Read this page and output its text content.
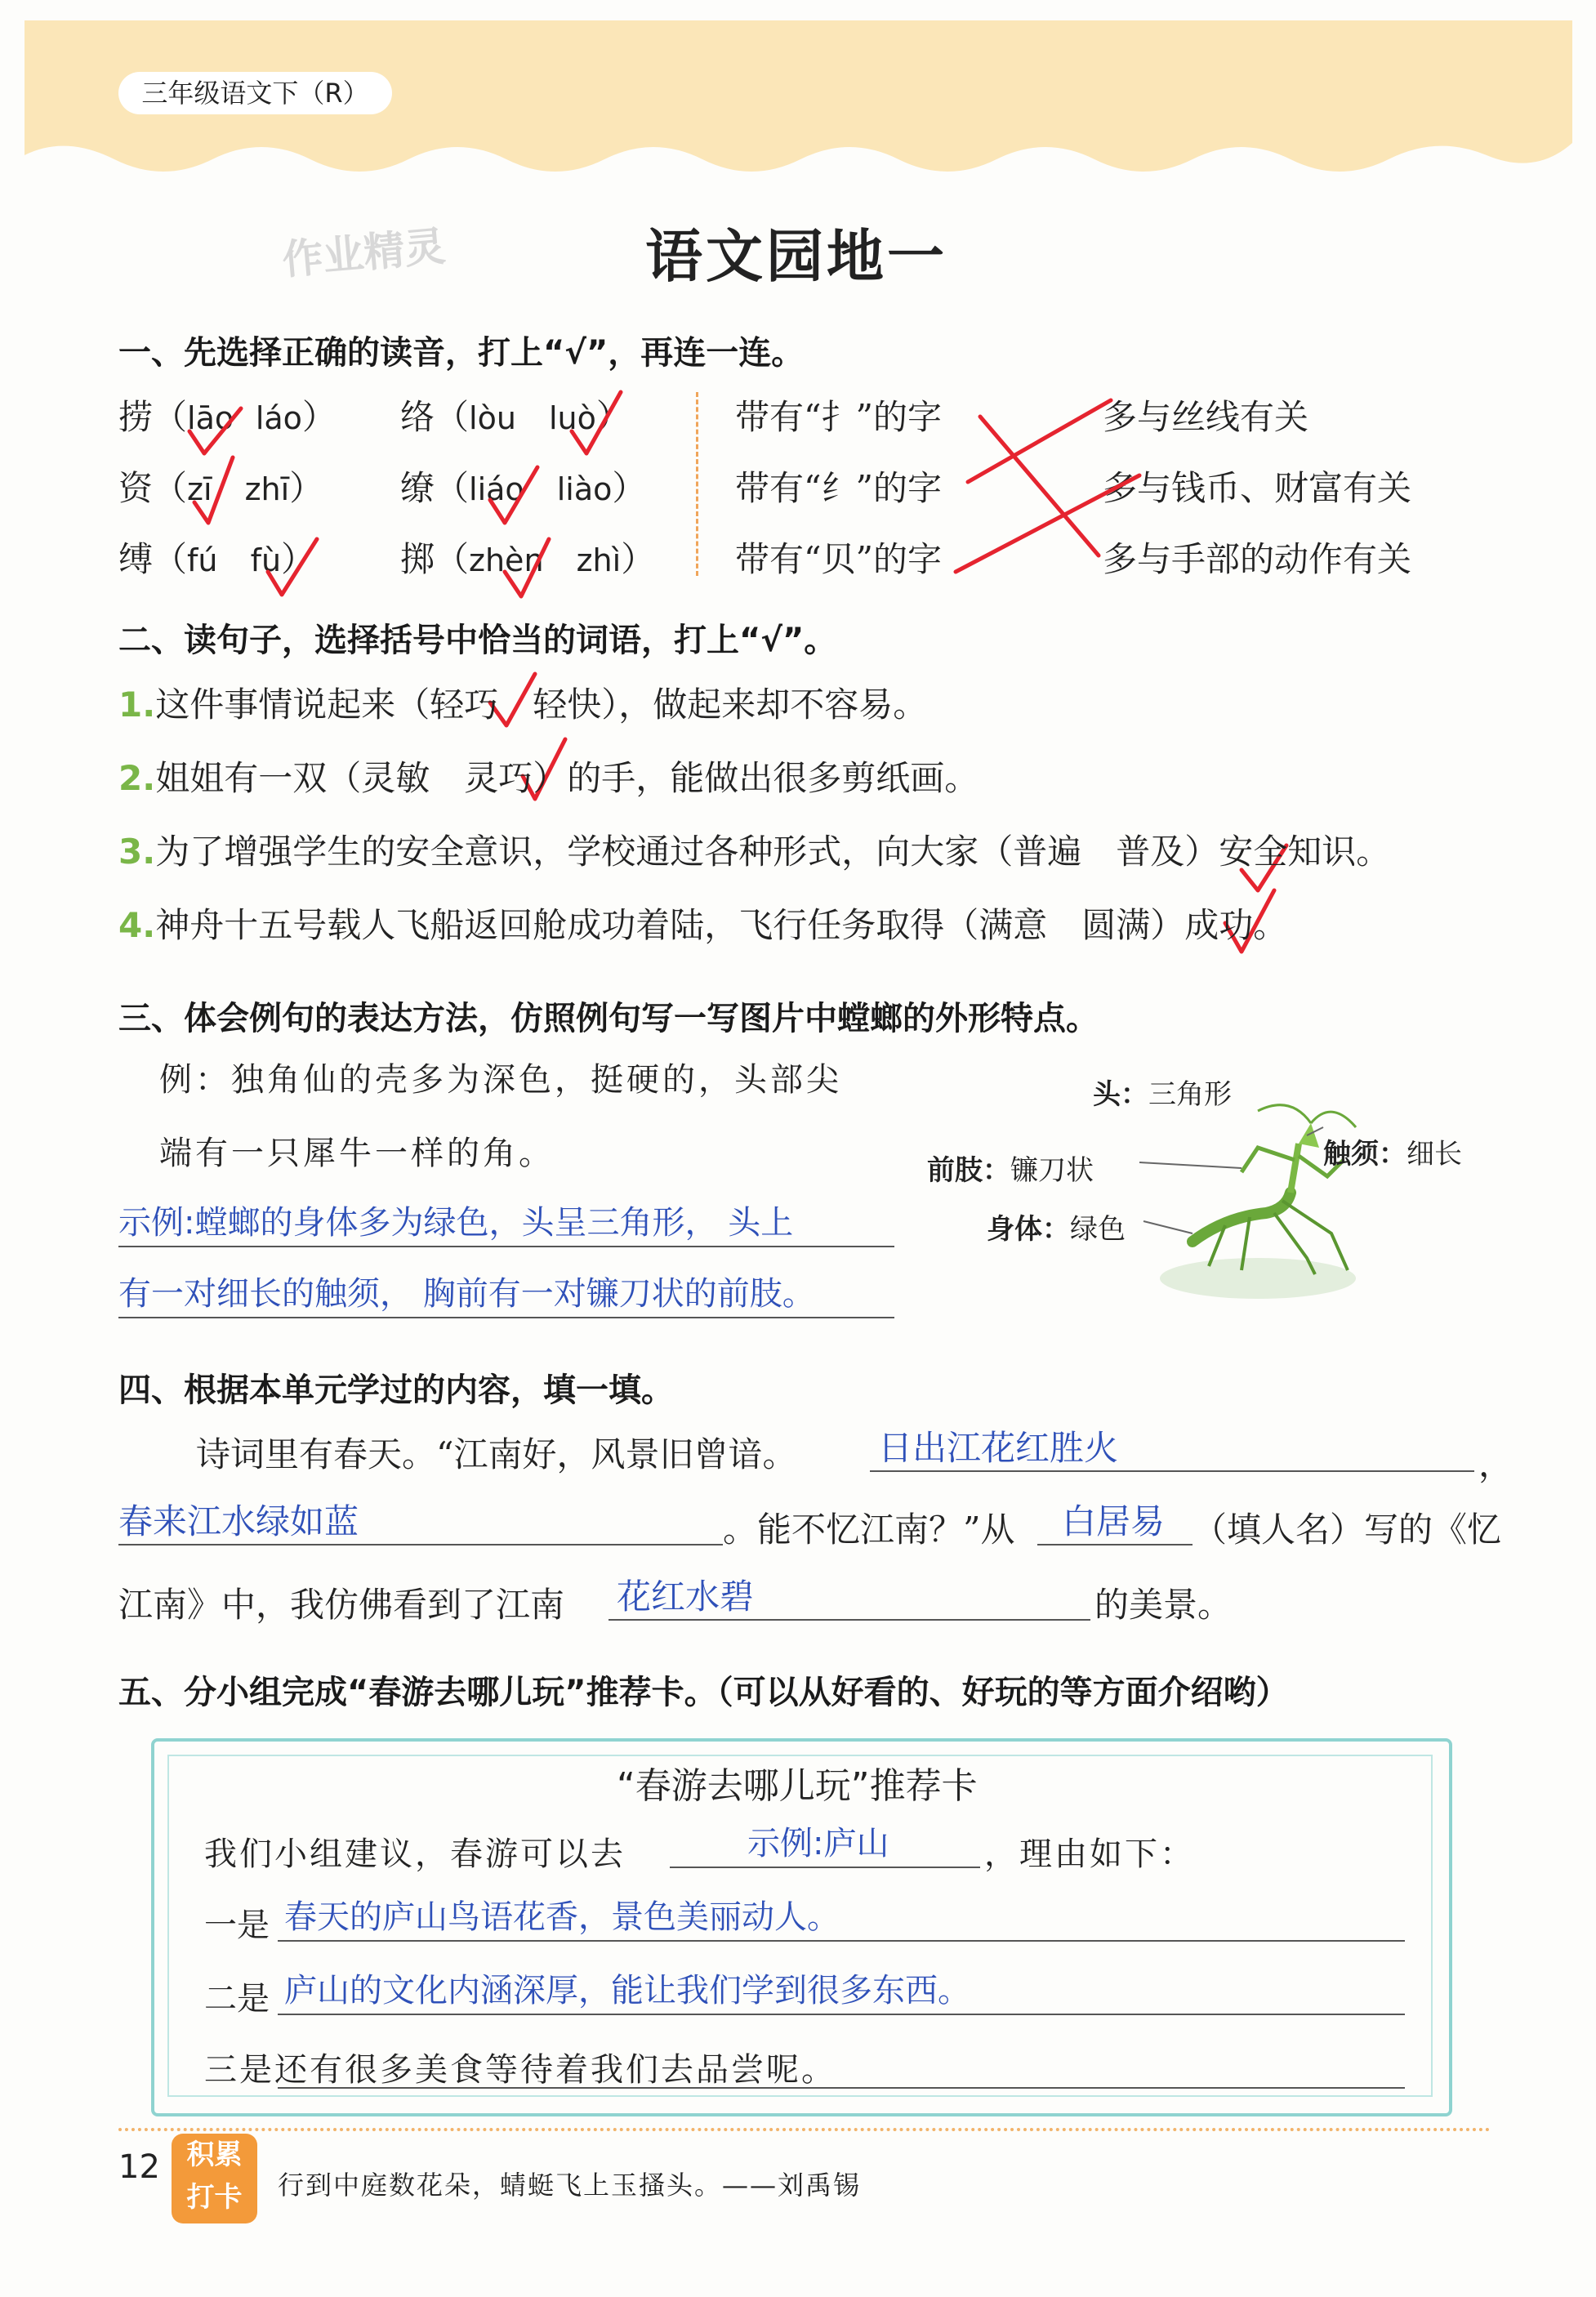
三年级语文下（R）
作业精灵	语文园地一
一、先选择正确的读音，打上“√”，再连一连。
捞（lāo láo） 络（lòu luò）
资（zī zhī） 缭（liáo liào）
缚（fú fù） 掷（zhèn zhì）
带有“扌”的字
带有“纟”的字
带有“贝”的字
多与丝线有关
多与钱币、财富有关
多与手部的动作有关
二、读句子，选择括号中恰当的词语，打上“√”。
1.这件事情说起来（轻巧　轻快），做起来却不容易。
2.姐姐有一双（灵敏　灵巧）的手，能做出很多剪纸画。
3.为了增强学生的安全意识，学校通过各种形式，向大家（普遍　普及）安全知识。
4.神舟十五号载人飞船返回舱成功着陆，飞行任务取得（满意　圆满）成功。
三、体会例句的表达方法，仿照例句写一写图片中螳螂的外形特点。
例：独角仙的壳多为深色，挺硬的，头部尖
端有一只犀牛一样的角。
示例:螳螂的身体多为绿色，头呈三角形， 头上
有一对细长的触须， 胸前有一对镰刀状的前肢。
头：三角形
前肢：镰刀状
身体：绿色
触须：细长
四、根据本单元学过的内容，填一填。
诗词里有春天。“江南好，风景旧曾谙。 日出江花红胜火	，
春来江水绿如蓝	。能不忆江南？”从 白居易 （填人名）写的《忆
江南》中，我仿佛看到了江南 花红水碧	的美景。
五、分小组完成“春游去哪儿玩”推荐卡。（可以从好看的、好玩的等方面介绍哟）
“春游去哪儿玩”推荐卡
我们小组建议，春游可以去	示例:庐山	，理由如下：
一是 春天的庐山鸟语花香，景色美丽动人。
二是 庐山的文化内涵深厚，能让我们学到很多东西。
三是还有很多美食等待着我们去品尝呢。
12 积累
打卡	行到中庭数花朵，蜻蜓飞上玉搔头。——刘禹锡
